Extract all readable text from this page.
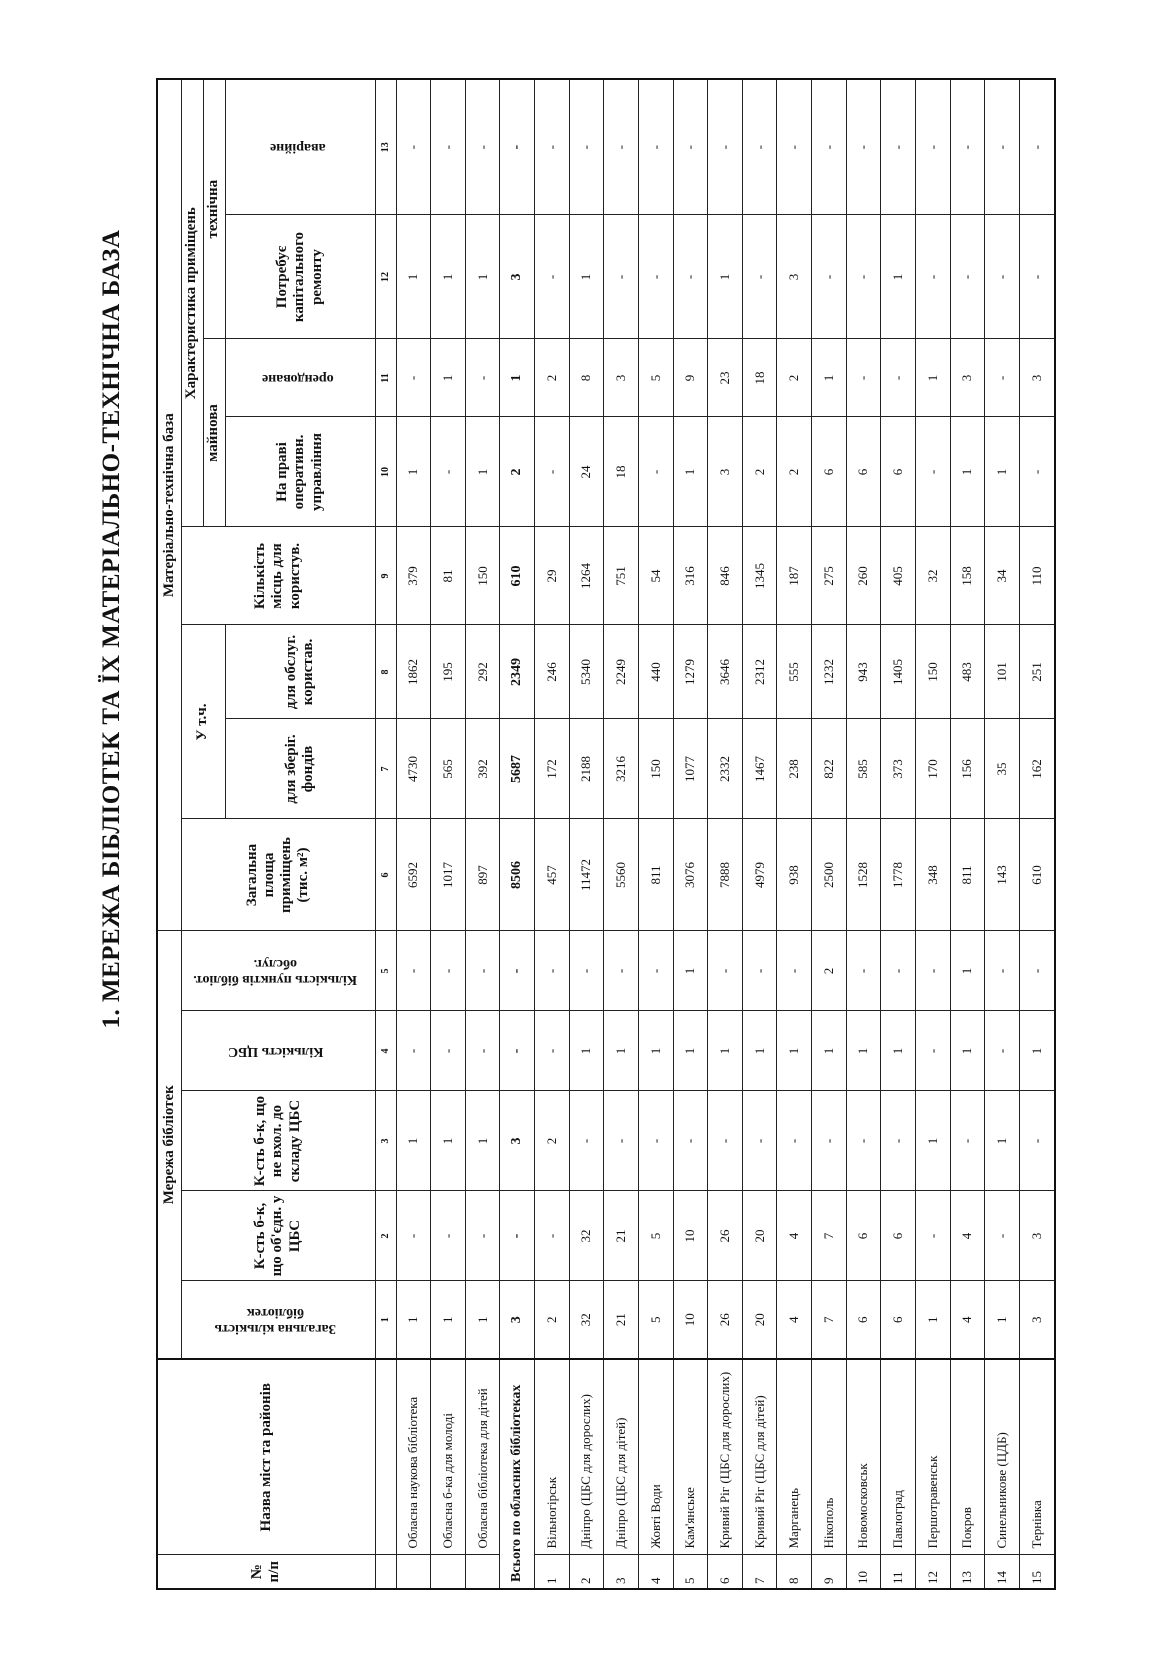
1. МЕРЕЖА БІБЛІОТЕК ТА ЇХ МАТЕРІАЛЬНО-ТЕХНІЧНА БАЗА
№ п/п	Назва міст та районів	Мережа бібліотек					Матеріально-технічна база							
		Загальна кількість бібліотек	К-сть б-к, що об'єдн. у ЦБС	К-сть б-к, що не вхол. до складу ЦБС	Кількість ЦБС	Кількість пунктів бібліот. обслуг.	Загальна площа приміщень (тис. м²)	У т.ч.		Кількість місць для користув.	Характеристика приміщень			
											майнова		технічна	
								для зберіг. фондів	для обслуг. користав.		На праві оперативн. управління	орендоване	Потребує капітального ремонту	аварійне
		1	2	3	4	5	6	7	8	9	10	11	12	13
	Обласна наукова бібліотека	1	-	1	-	-	6592	4730	1862	379	1	-	1	-
	Обласна б-ка для молоді	1	-	1	-	-	1017	565	195	81	-	1	1	-
	Обласна бібліотека для дітей	1	-	1	-	-	897	392	292	150	1	-	1	-
Всього по обласних бібліотеках		3	-	3	-	-	8506	5687	2349	610	2	1	3	-
1	Вільногірськ	2	-	2	-	-	457	172	246	29	-	2	-	-
2	Дніпро (ЦБС для дорослих)	32	32	-	1	-	11472	2188	5340	1264	24	8	1	-
3	Дніпро (ЦБС для дітей)	21	21	-	1	-	5560	3216	2249	751	18	3	-	-
4	Жовті Води	5	5	-	1	-	811	150	440	54	-	5	-	-
5	Кам'янське	10	10	-	1	1	3076	1077	1279	316	1	9	-	-
6	Кривий Ріг (ЦБС для дорослих)	26	26	-	1	-	7888	2332	3646	846	3	23	1	-
7	Кривий Ріг (ЦБС для дітей)	20	20	-	1	-	4979	1467	2312	1345	2	18	-	-
8	Марганець	4	4	-	1	-	938	238	555	187	2	2	3	-
9	Нікополь	7	7	-	1	2	2500	822	1232	275	6	1	-	-
10	Новомосковськ	6	6	-	1	-	1528	585	943	260	6	-	-	-
11	Павлоград	6	6	-	1	-	1778	373	1405	405	6	-	1	-
12	Першотравенськ	1	-	1	-	-	348	170	150	32	-	1	-	-
13	Покров	4	4	-	1	1	811	156	483	158	1	3	-	-
14	Синельникове (ЦДБ)	1	-	1	-	-	143	35	101	34	1	-	-	-
15	Тернівка	3	3	-	1	-	610	162	251	110	-	3	-	-
